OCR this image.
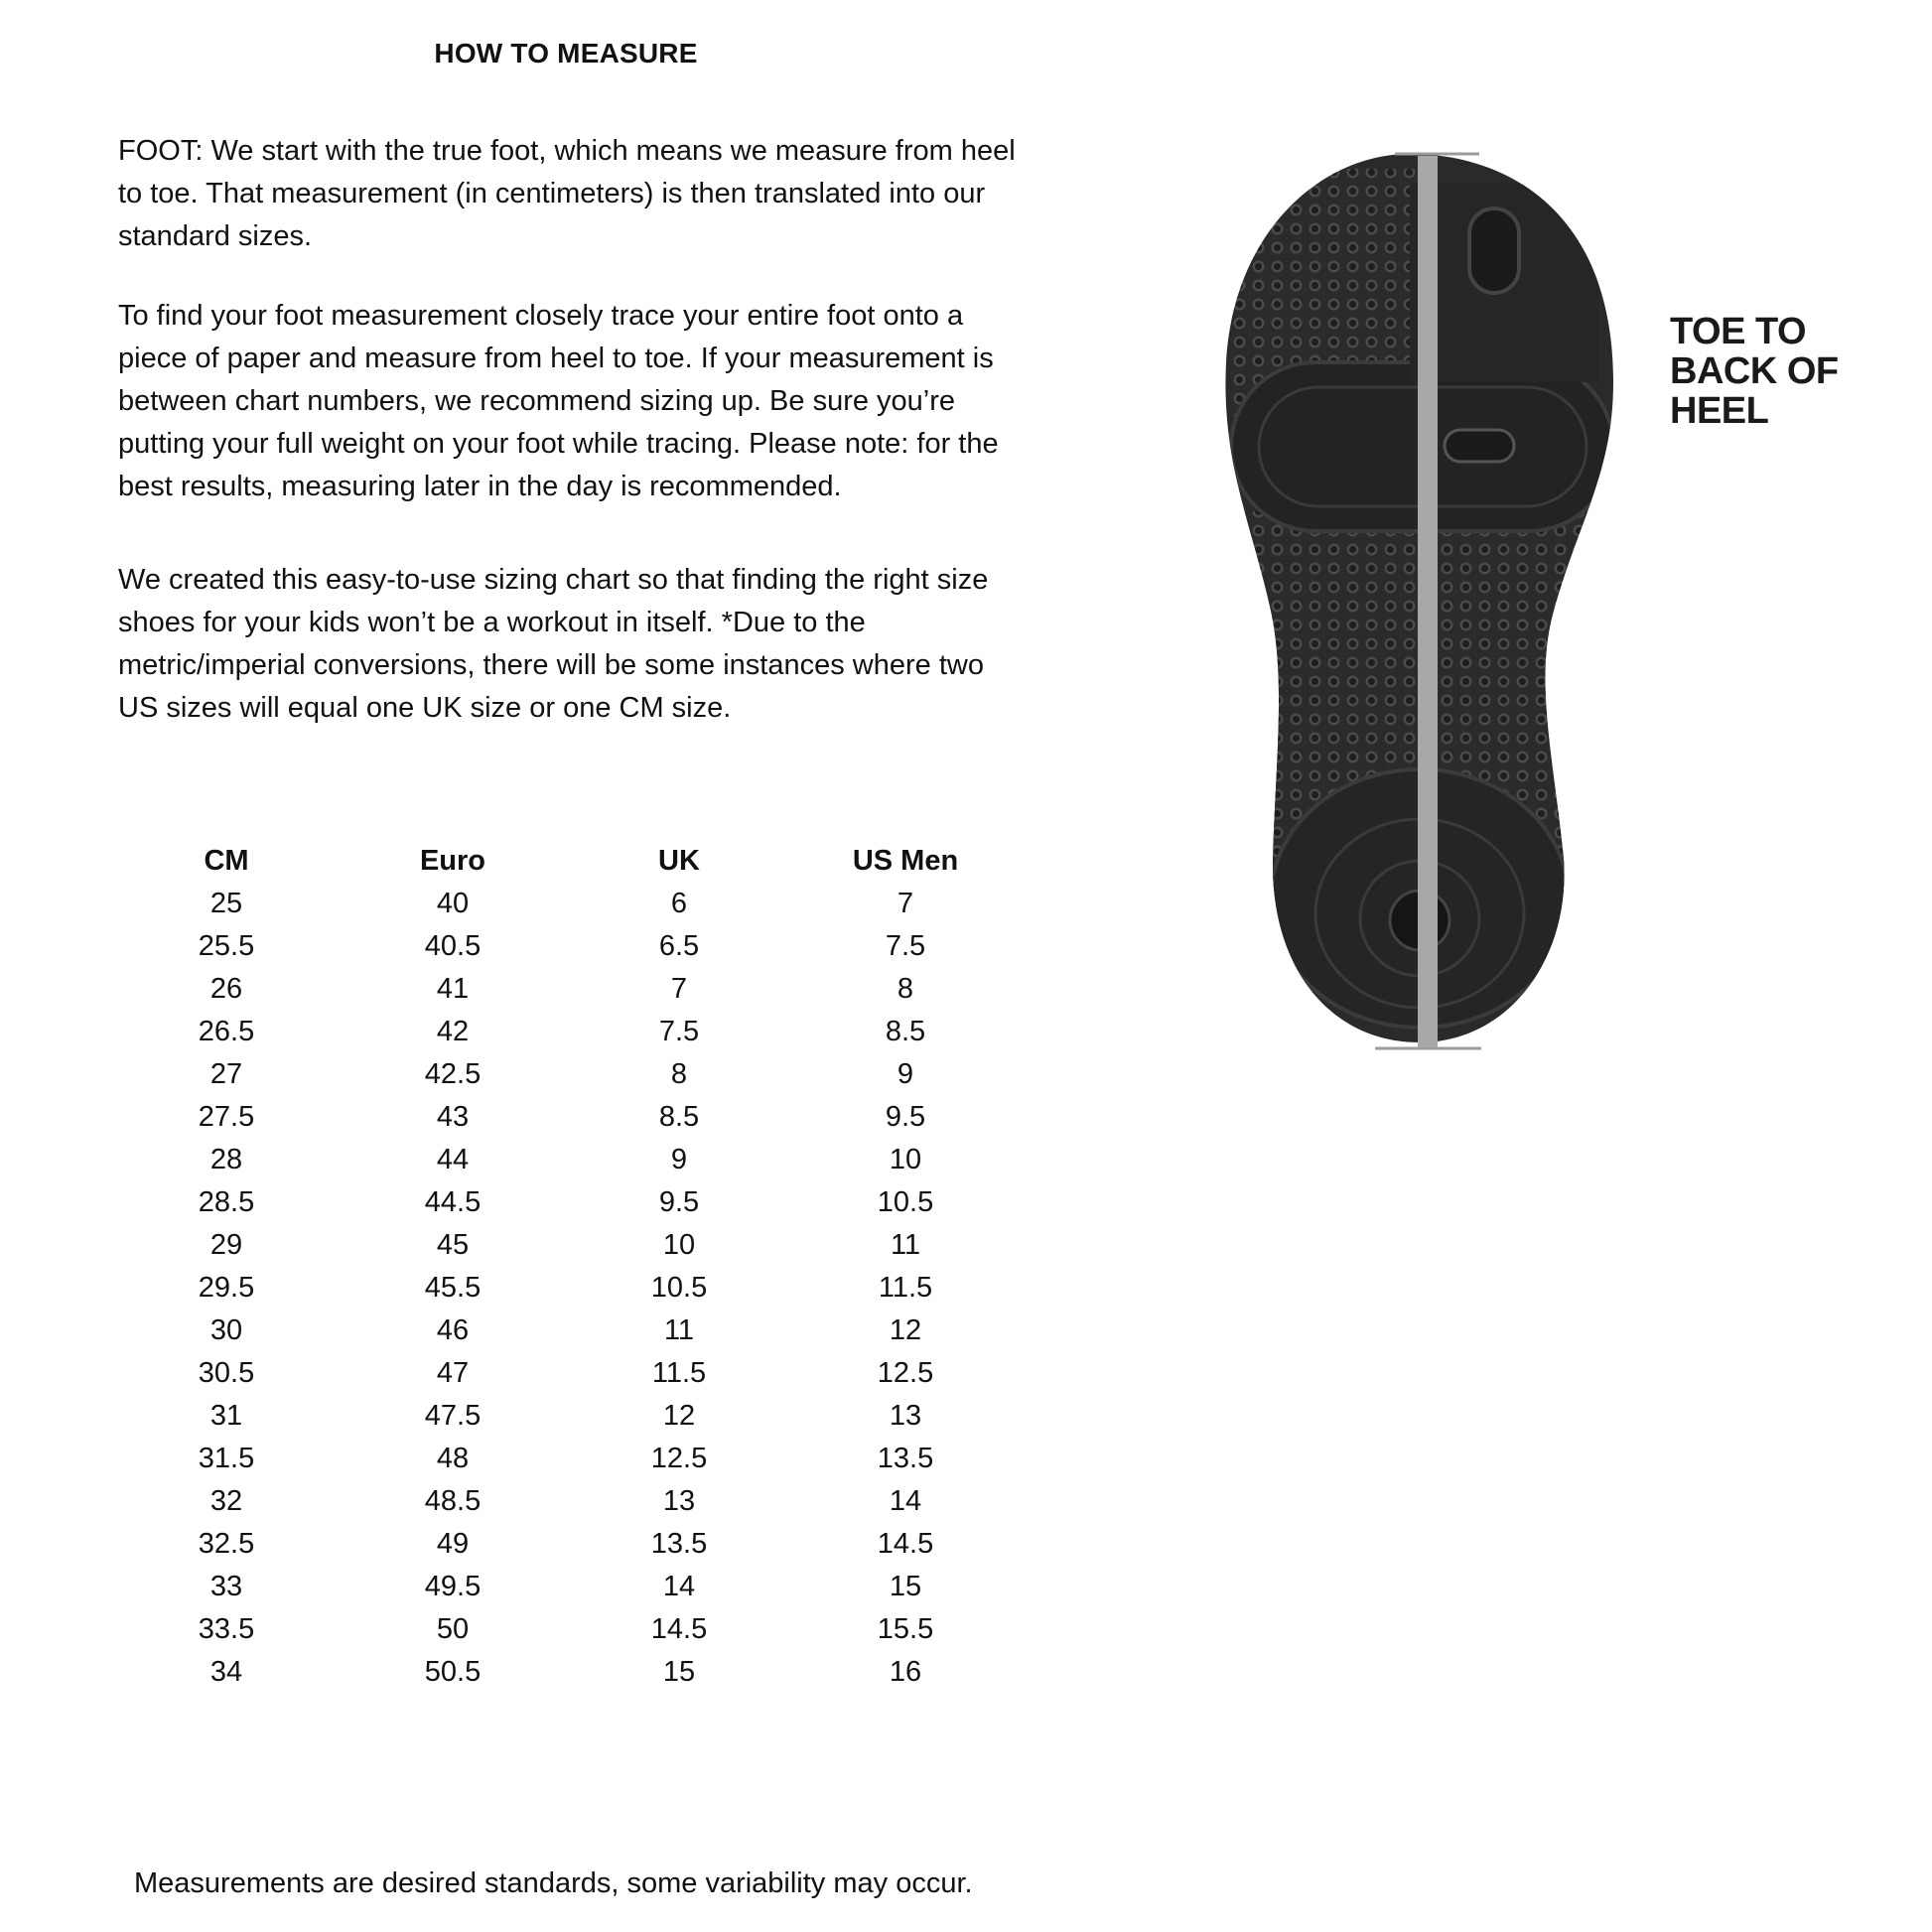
HOW TO MEASURE

FOOT: We start with the true foot, which means we measure from heel to toe. That measurement (in centimeters) is then translated into our standard sizes.

To find your foot measurement closely trace your entire foot onto a piece of paper and measure from heel to toe. If your measurement is between chart numbers, we recommend sizing up. Be sure you’re putting your full weight on your foot while tracing. Please note: for the best results, measuring later in the day is recommended.

We created this easy-to-use sizing chart so that finding the right size shoes for your kids won’t be a workout in itself. *Due to the metric/imperial conversions, there will be some instances where two US sizes will equal one UK size or one CM size.

CM	Euro	UK	US Men
25	40	6	7
25.5	40.5	6.5	7.5
26	41	7	8
26.5	42	7.5	8.5
27	42.5	8	9
27.5	43	8.5	9.5
28	44	9	10
28.5	44.5	9.5	10.5
29	45	10	11
29.5	45.5	10.5	11.5
30	46	11	12
30.5	47	11.5	12.5
31	47.5	12	13
31.5	48	12.5	13.5
32	48.5	13	14
32.5	49	13.5	14.5
33	49.5	14	15
33.5	50	14.5	15.5
34	50.5	15	16
TOE TO
BACK OF
HEEL
Measurements are desired standards, some variability may occur.
